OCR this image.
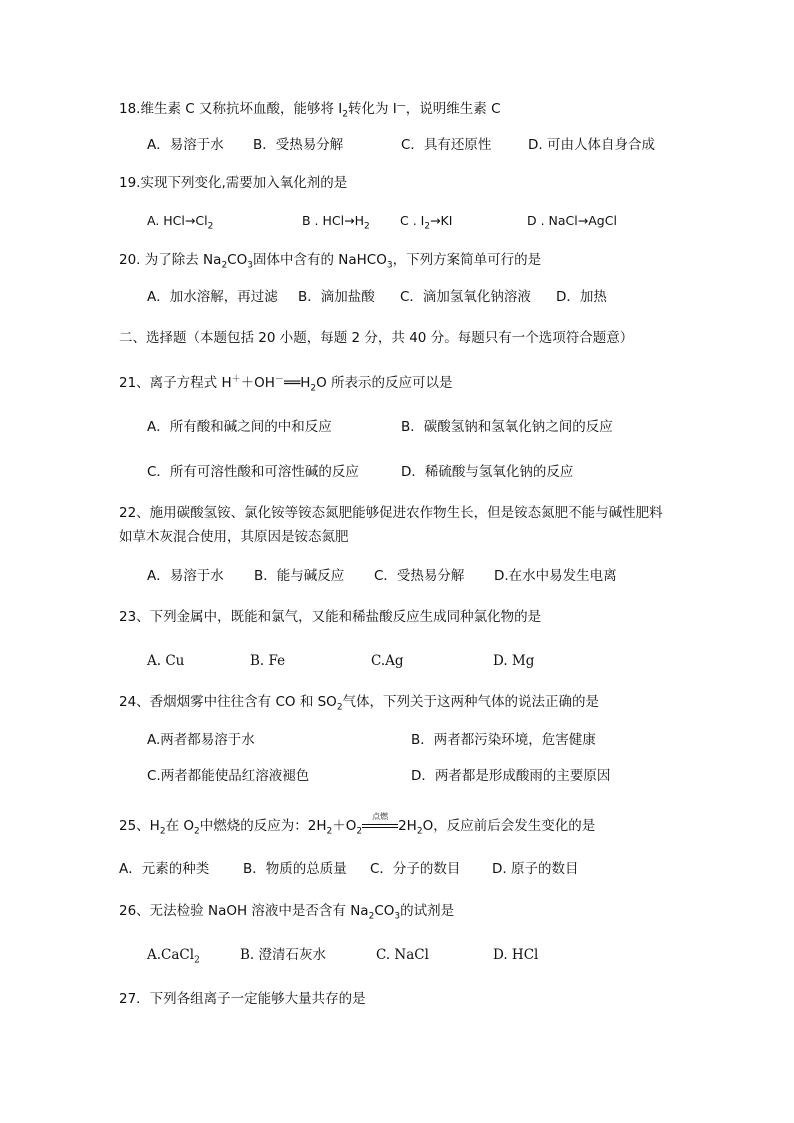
18.维生素 C 又称抗坏血酸，能够将 $I_2$转化为 I—，说明维生素 C
A．易溶于水 B．受热易分解	C．具有还原性	D. 可由人体自身合成
19.实现下列变化,需要加入氧化剂的是
A. $HCl\to Cl_2$	B . $HCl\to H_2$ C . $I_2\to KI$	D . NaCl→AgCl
20. 为了除去 $Na_2CO_3$固体中含有的 NaHCO$_3$，下列方案简单可行的是
A．加水溶解，再过滤 B．滴加盐酸 C．滴加氢氧化钠溶液 D．加热
二、选择题（本题包括 20 小题，每题 2 分，共 40 分。每题只有一个选项符合题意）
21、离子方程式 $H^++OH^-══H_2O$ 所表示的反应可以是
A．所有酸和碱之间的中和反应	B．碳酸氢钠和氢氧化钠之间的反应
C．所有可溶性酸和可溶性碱的反应	D．稀硫酸与氢氧化钠的反应
22、施用碳酸氢铵、氯化铵等铵态氮肥能够促进农作物生长，但是铵态氮肥不能与碱性肥料
如草木灰混合使用，其原因是铵态氮肥
A．易溶于水 B．能与碱反应 C．受热易分解 D.在水中易发生电离
23、下列金属中，既能和氯气，又能和稀盐酸反应生成同种氯化物的是
A. Cu	B. Fe	C.Ag	D. Mg
24、香烟烟雾中往往含有 CO 和 $SO_2$气体，下列关于这两种气体的说法正确的是
A.两者都易溶于水	B．两者都污染环境，危害健康
C.两者都能使品红溶液褪色	D．两者都是形成酸雨的主要原因
25、$H_2$在 $O_2$中燃烧的反应为：$2H_2+O_2$
点燃
$2H_2O$，反应前后会发生变化的是
A．元素的种类	B．物质的总质量 C．分子的数目 D. 原子的数目
26、无法检验 NaOH 溶液中是否含有 $Na_2CO_3$的试剂是
A.CaCl$_2$	B. 澄清石灰水	C. NaCl	D. HCl
27．下列各组离子一定能够大量共存的是
